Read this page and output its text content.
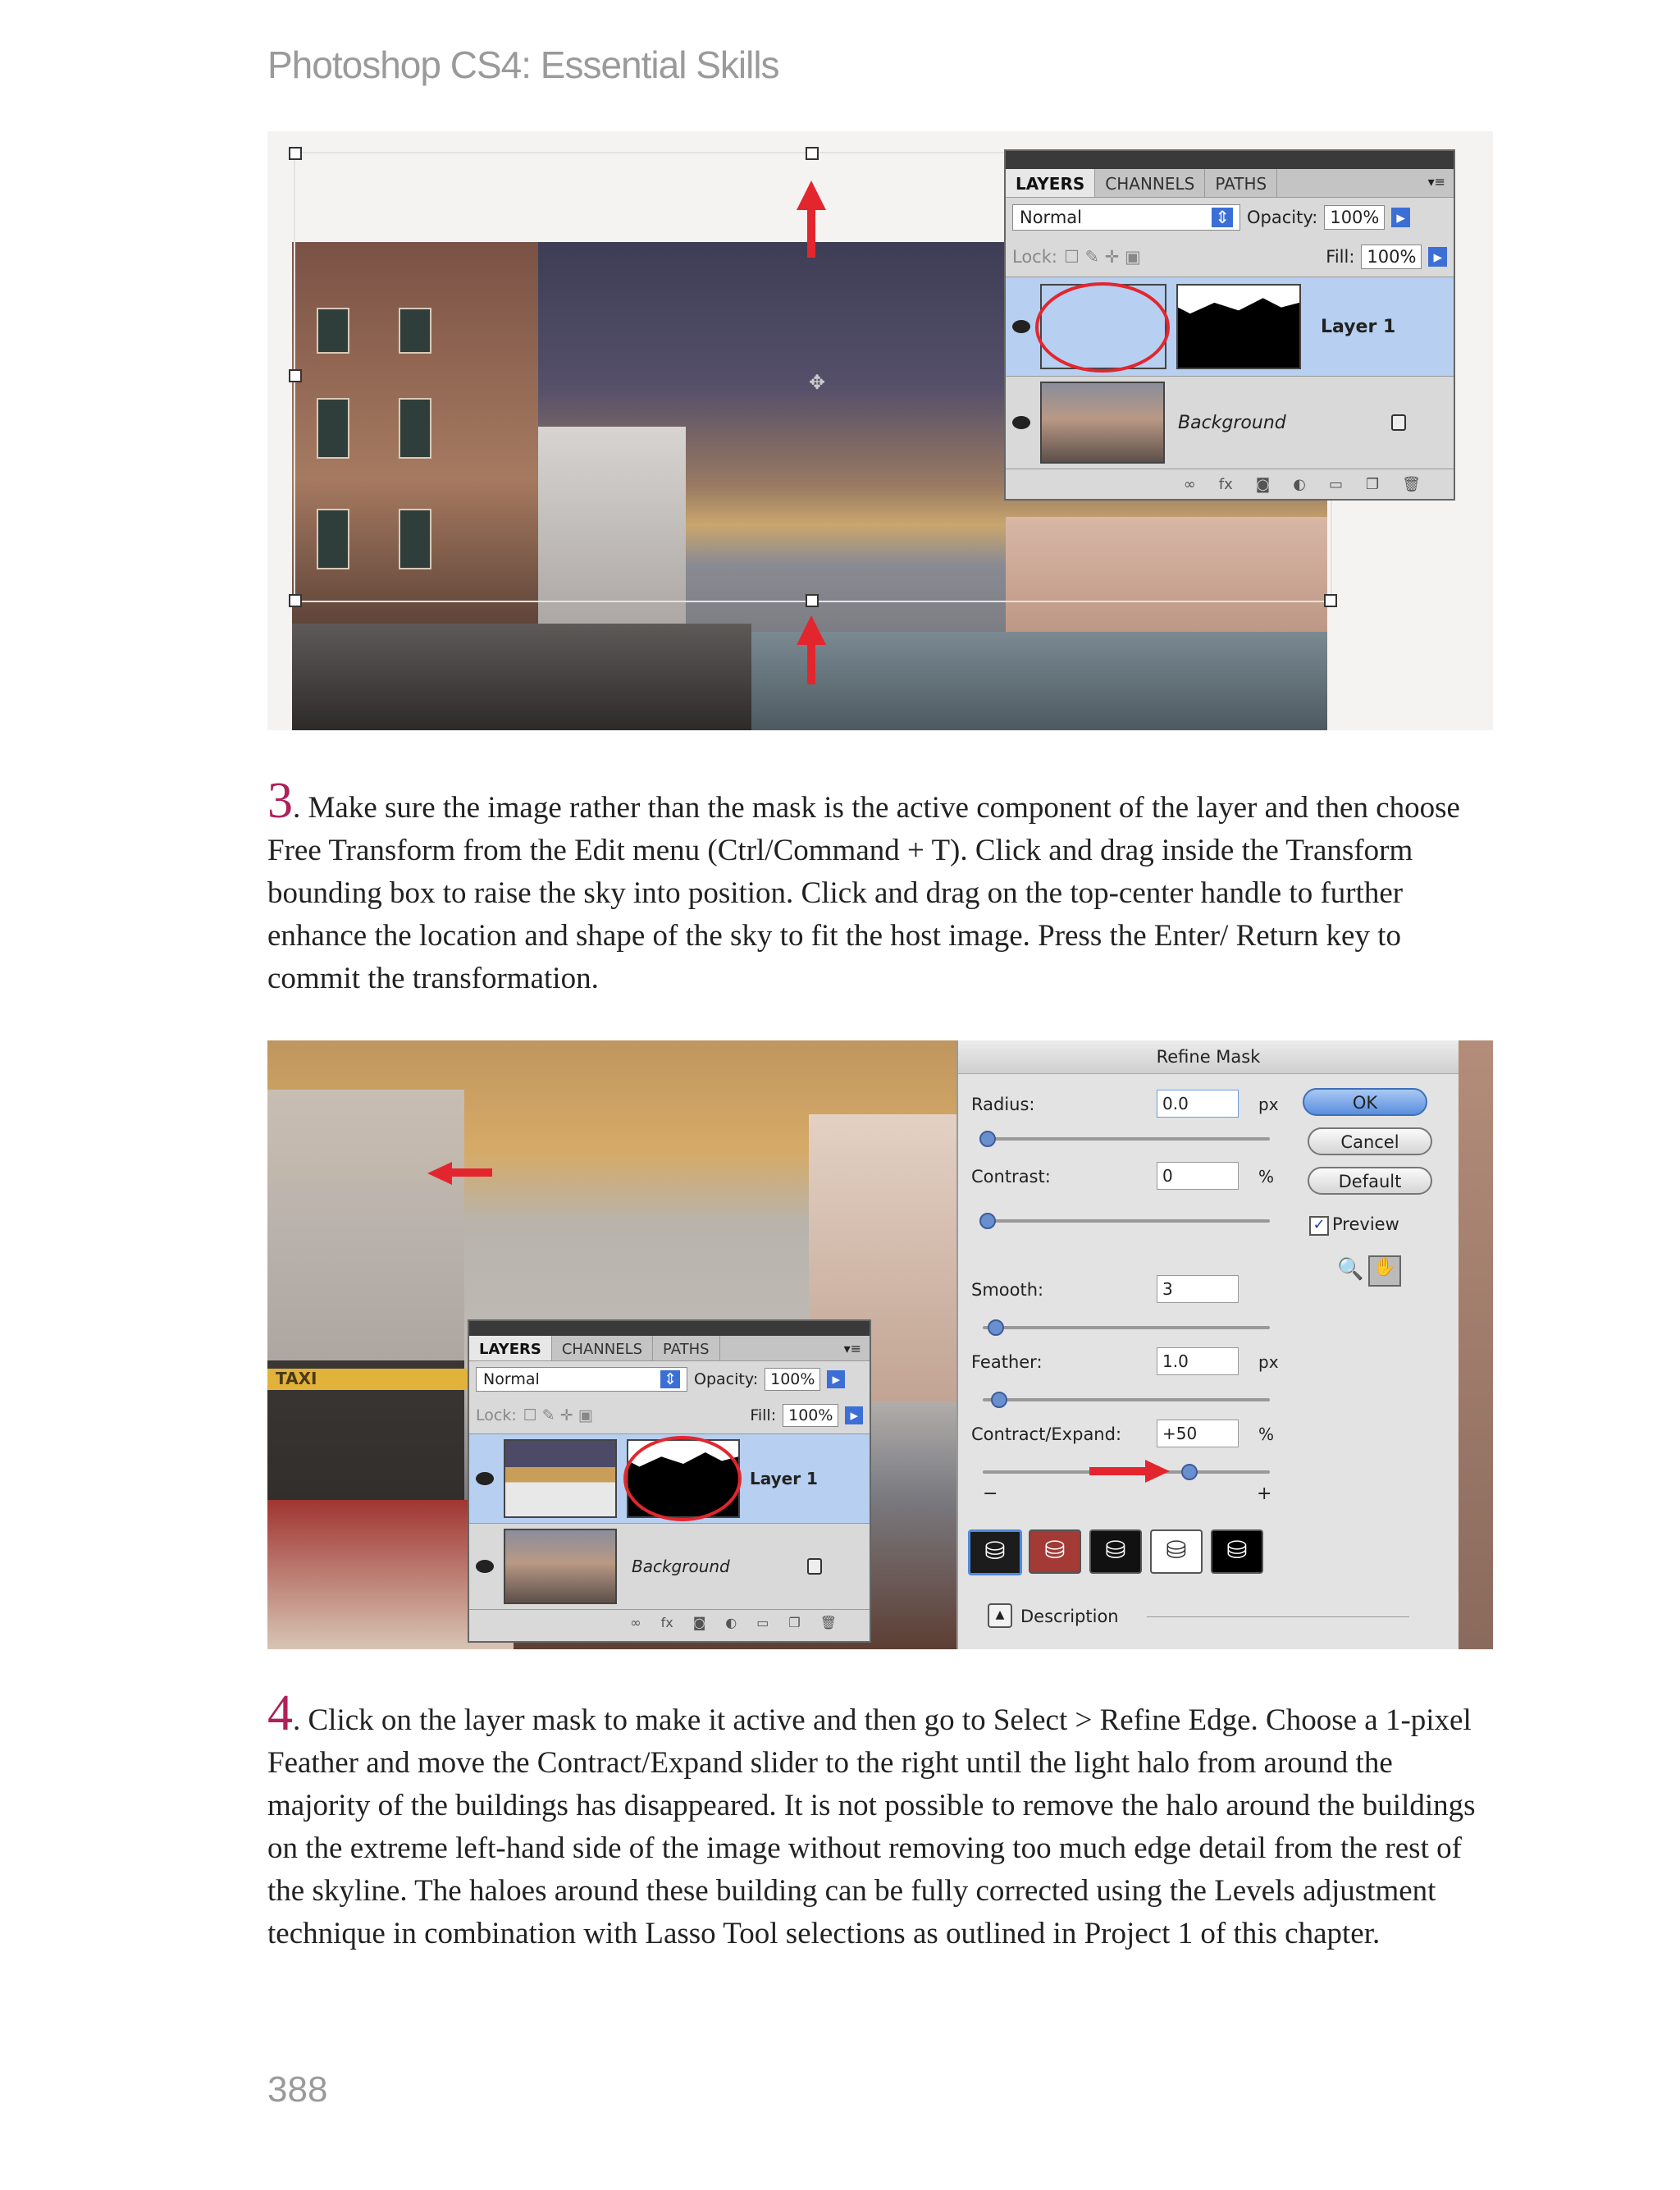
Photoshop CS4: Essential Skills
✥
LAYERS	CHANNELS	PATHS	▾≡
Normal	⇕ Opacity: 100%	▸
Lock: ☐ ✎ ✛ ▣	Fill: 100%	▸
Layer 1
Background
∞ fx ◙ ◐ ▭ ❐ 🗑

3. Make sure the image rather than the mask is the active component of the layer and then choose Free Transform from the Edit menu (Ctrl/Command + T). Click and drag inside the Transform bounding box to raise the sky into position. Click and drag on the top-center handle to further enhance the location and shape of the sky to fit the host image. Press the Enter/ Return key to commit the transformation.

TAXI
LAYERS	CHANNELS	PATHS	▾≡
Normal	⇕ Opacity: 100%	▸
Lock: ☐ ✎ ✛ ▣	Fill: 100%	▸
Layer 1
Background
∞ fx ◙ ◐ ▭ ❐ 🗑
Refine Mask
Radius:	0.0	px
Contrast:	0	%
Smooth:	3
Feather:	1.0	px
Contract/Expand:	+50	%
−	+
⛁	⛁	⛁	⛁	⛁
▲ Description
OK
Cancel
Default
✓ Preview
🔍 ✋

4. Click on the layer mask to make it active and then go to Select > Refine Edge. Choose a 1-pixel Feather and move the Contract/Expand slider to the right until the light halo from around the majority of the buildings has disappeared. It is not possible to remove the halo around the buildings on the extreme left-hand side of the image without removing too much edge detail from the rest of the skyline. The haloes around these building can be fully corrected using the Levels adjustment technique in combination with Lasso Tool selections as outlined in Project 1 of this chapter.

388
